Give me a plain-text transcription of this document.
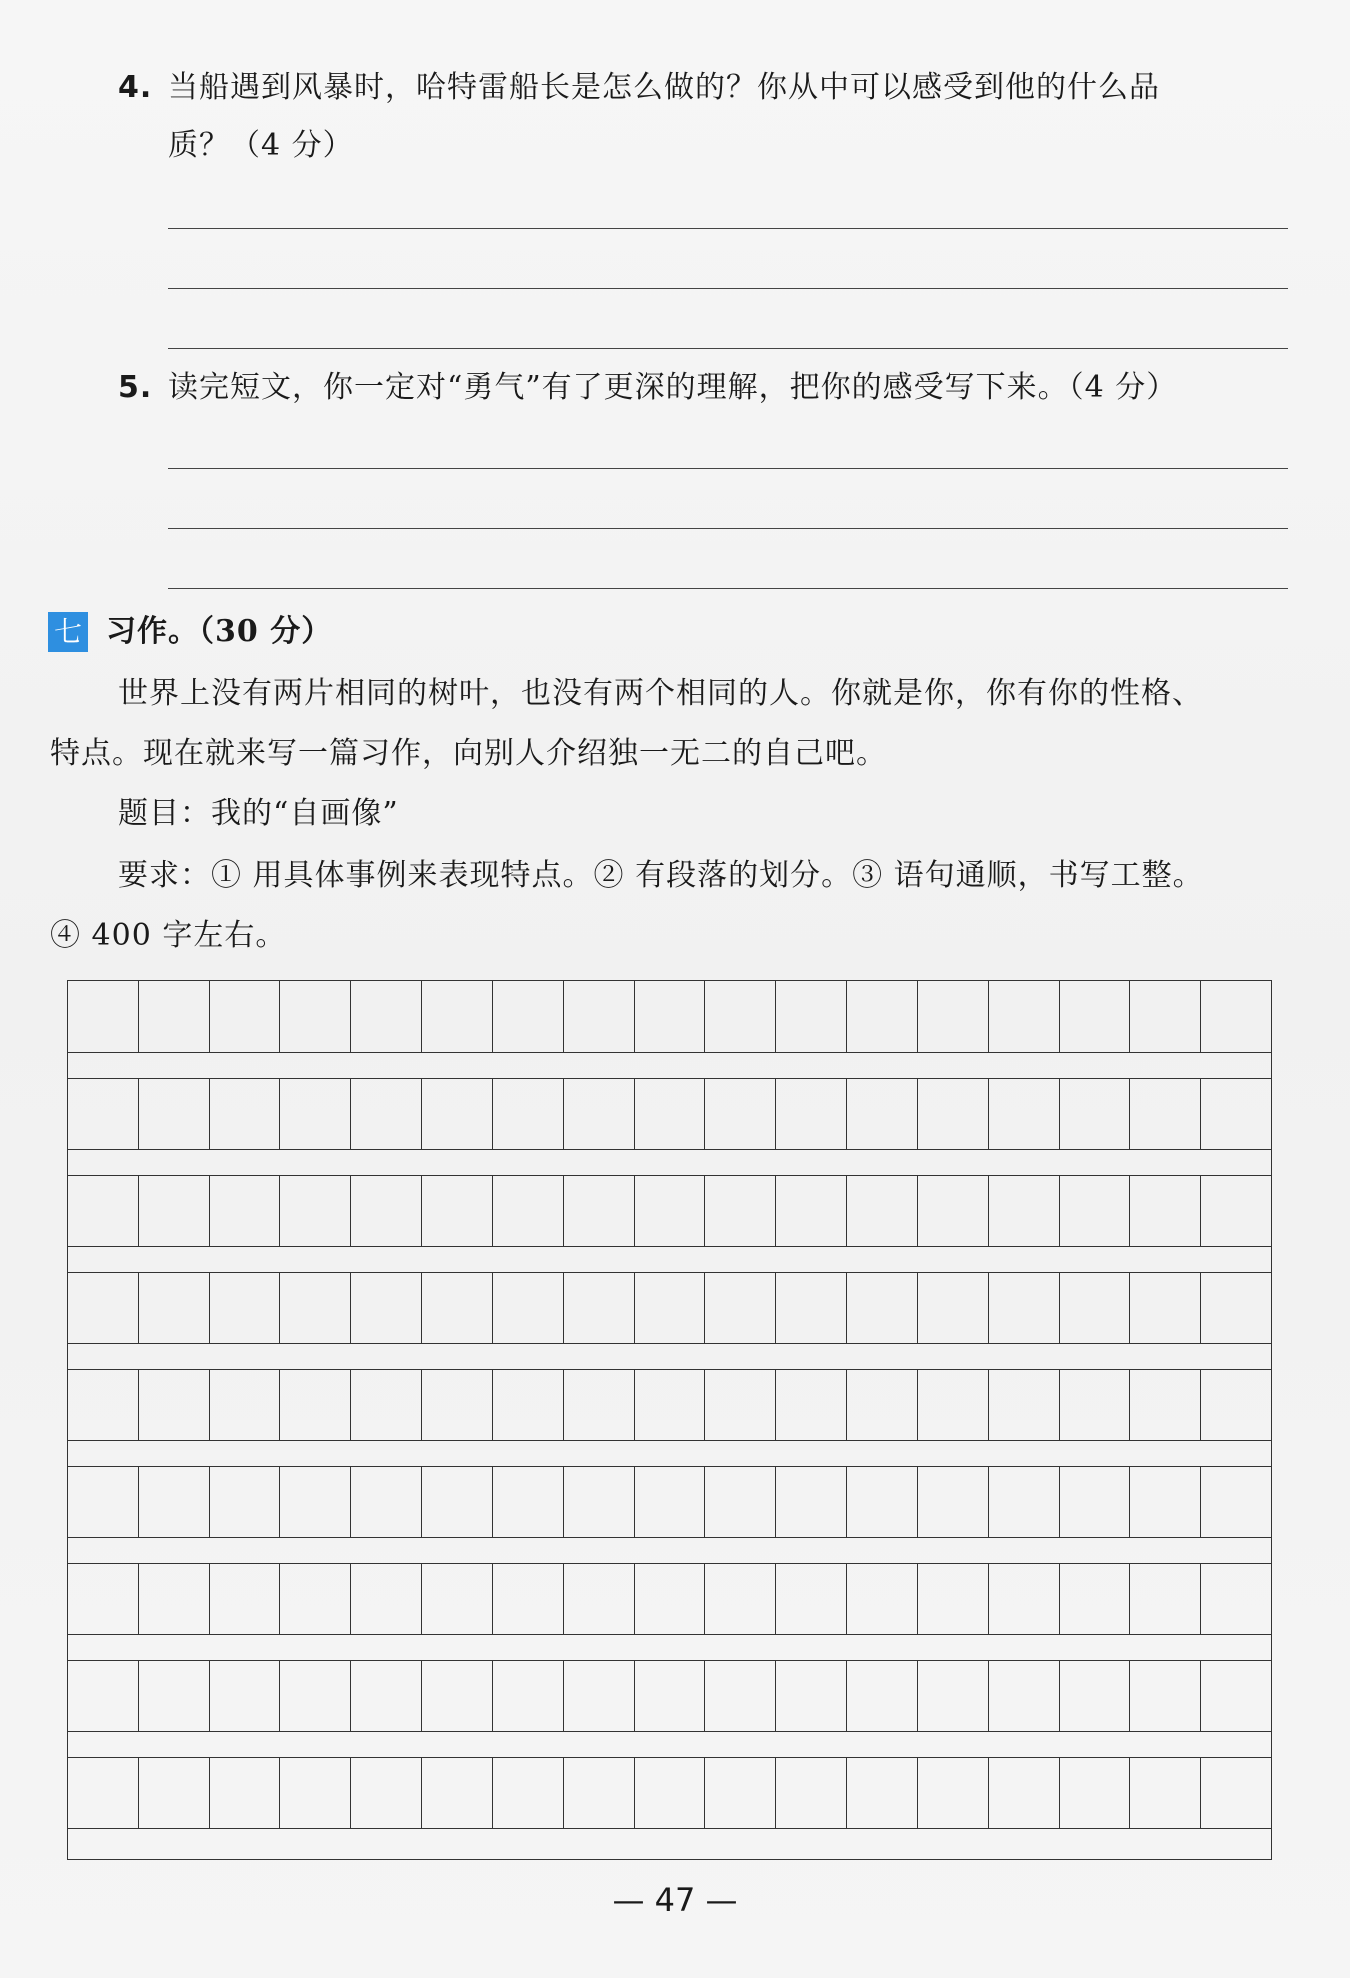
4. 当船遇到风暴时，哈特雷船长是怎么做的？你从中可以感受到他的什么品
质？（4 分）
5. 读完短文，你一定对“勇气”有了更深的理解，把你的感受写下来。（4 分）
七 习作。（30 分）
世界上没有两片相同的树叶，也没有两个相同的人。你就是你，你有你的性格、
特点。现在就来写一篇习作，向别人介绍独一无二的自己吧。
题目：我的“自画像”
要求：① 用具体事例来表现特点。② 有段落的划分。③ 语句通顺，书写工整。
④ 400 字左右。
— 47 —
